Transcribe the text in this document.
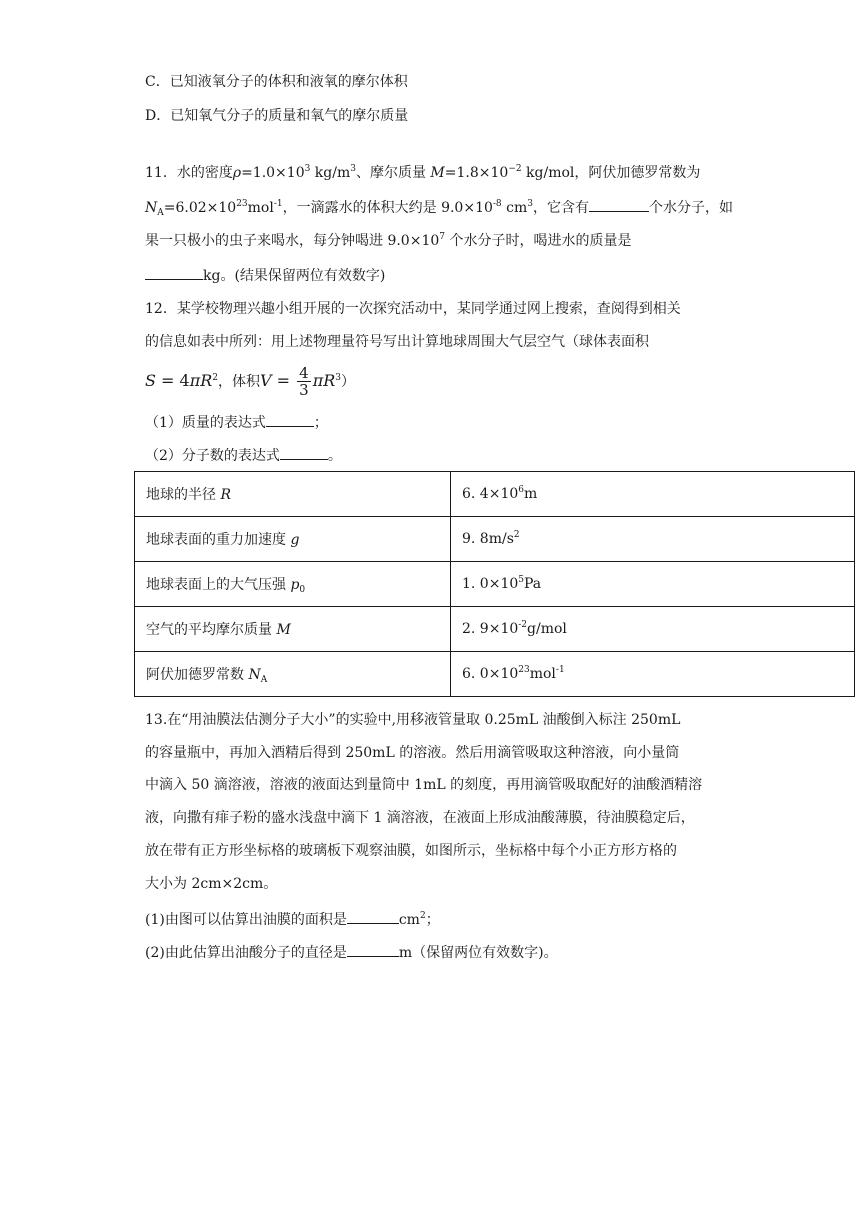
C．已知液氧分子的体积和液氧的摩尔体积
D．已知氧气分子的质量和氧气的摩尔质量
11．水的密度$\rho=1.0\times 10^3$ $kg/m^3$、摩尔质量 $M=1.8\times 10^{-2}$ kg/mol，阿伏加德罗常数为
$N_A=6.02\times 10^{23}mol^{-1}$，一滴露水的体积大约是 $9.0\times 10^{-8}$ $cm^3$，它含有	个水分子，如
果一只极小的虫子来喝水，每分钟喝进 $9.0\times 10^7$ 个水分子时，喝进水的质量是
kg。(结果保留两位有效数字)
12．某学校物理兴趣小组开展的一次探究活动中，某同学通过网上搜索，查阅得到相关
的信息如表中所列：用上述物理量符号写出计算地球周围大气层空气（球体表面积
$S = 4\pi R^2$，体积$V = \frac{4}{3} \pi R^3$）
（1）质量的表达式	；
（2）分子数的表达式	。
地球的半径 R	6. $4\times 10^6m$
地球表面的重力加速度 g	9. $8m/s^2$
地球表面上的大气压强 $p_0$	1. $0\times 10^5Pa$
空气的平均摩尔质量 M	2. $9\times 10^{-2}g$/mol
阿伏加德罗常数 $N_A$	6. $0\times 10^{23}mol^{-1}$
13.在“用油膜法估测分子大小”的实验中,用移液管量取 0.25mL 油酸倒入标注 250mL
的容量瓶中，再加入酒精后得到 250mL 的溶液。然后用滴管吸取这种溶液，向小量筒
中滴入 50 滴溶液，溶液的液面达到量筒中 1mL 的刻度，再用滴管吸取配好的油酸酒精溶
液，向撒有痱子粉的盛水浅盘中滴下 1 滴溶液，在液面上形成油酸薄膜，待油膜稳定后，
放在带有正方形坐标格的玻璃板下观察油膜，如图所示，坐标格中每个小正方形方格的
大小为 2cm×2cm。
(1)由图可以估算出油膜的面积是	$cm^2$；
(2)由此估算出油酸分子的直径是	m（保留两位有效数字)。
